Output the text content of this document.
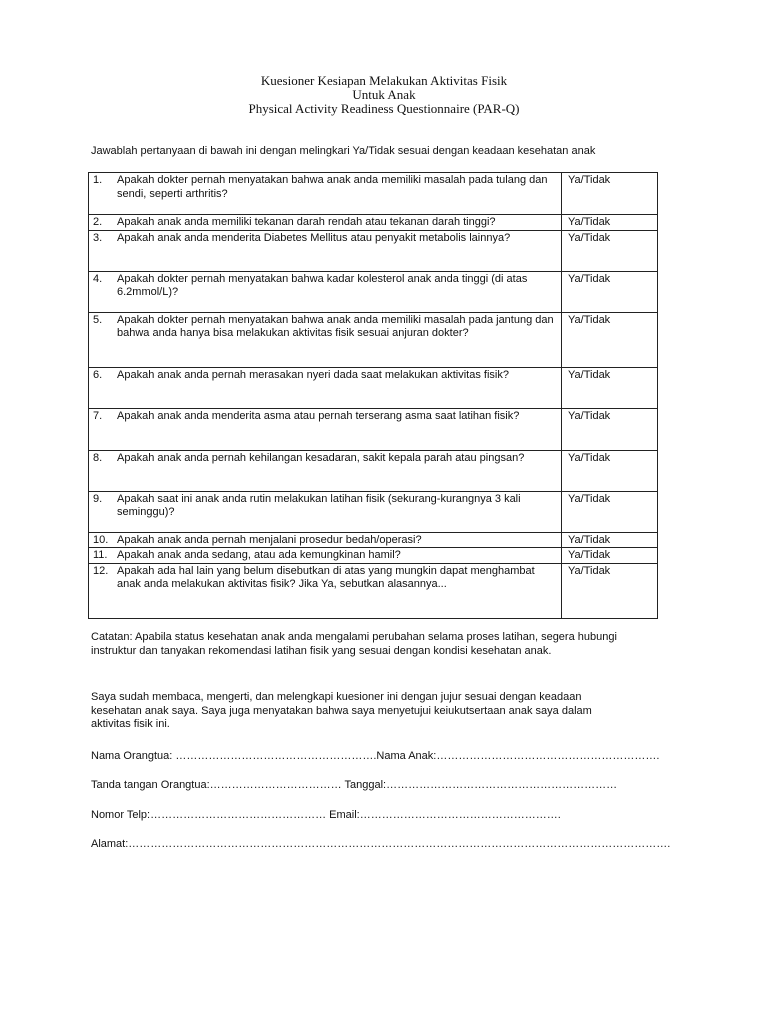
Kuesioner Kesiapan Melakukan Aktivitas Fisik
Untuk Anak
Physical Activity Readiness Questionnaire (PAR-Q)
Jawablah pertanyaan di bawah ini dengan melingkari Ya/Tidak sesuai dengan keadaan kesehatan anak
1. Apakah dokter pernah menyatakan bahwa anak anda memiliki masalah pada tulang dan sendi, seperti arthritis?	Ya/Tidak

2. Apakah anak anda memiliki tekanan darah rendah atau tekanan darah tinggi?	Ya/Tidak

3. Apakah anak anda menderita Diabetes Mellitus atau penyakit metabolis lainnya?	Ya/Tidak

4. Apakah dokter pernah menyatakan bahwa kadar kolesterol anak anda tinggi (di atas 6.2mmol/L)?	Ya/Tidak

5. Apakah dokter pernah menyatakan bahwa anak anda memiliki masalah pada jantung dan bahwa anda hanya bisa melakukan aktivitas fisik sesuai anjuran dokter?	Ya/Tidak

6. Apakah anak anda pernah merasakan nyeri dada saat melakukan aktivitas fisik?	Ya/Tidak

7. Apakah anak anda menderita asma atau pernah terserang asma saat latihan fisik?	Ya/Tidak

8. Apakah anak anda pernah kehilangan kesadaran, sakit kepala parah atau pingsan?	Ya/Tidak

9. Apakah saat ini anak anda rutin melakukan latihan fisik (sekurang-kurangnya 3 kali seminggu)?	Ya/Tidak

10. Apakah anak anda pernah menjalani prosedur bedah/operasi?	Ya/Tidak

11. Apakah anak anda sedang, atau ada kemungkinan hamil?	Ya/Tidak

12. Apakah ada hal lain yang belum disebutkan di atas yang mungkin dapat menghambat anak anda melakukan aktivitas fisik? Jika Ya, sebutkan alasannya...	Ya/Tidak
Catatan: Apabila status kesehatan anak anda mengalami perubahan selama proses latihan, segera hubungi instruktur dan tanyakan rekomendasi latihan fisik yang sesuai dengan kondisi kesehatan anak.
Saya sudah membaca, mengerti, dan melengkapi kuesioner ini dengan jujur sesuai dengan keadaan kesehatan anak saya. Saya juga menyatakan bahwa saya menyetujui keiukutsertaan anak saya dalam aktivitas fisik ini.
Nama Orangtua: ……………………………………………….Nama Anak:…………………………………………………….
Tanda tangan Orangtua:……………………………… Tanggal:………………………………………………………
Nomor Telp:………………………………………… Email:……………………………………………….
Alamat:………………………………………………………………………………………………………………………………….
